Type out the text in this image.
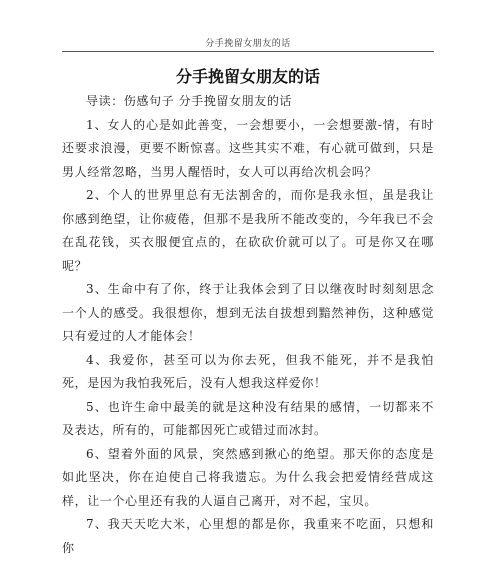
分手挽留女朋友的话
分手挽留女朋友的话

导读：伤感句子 分手挽留女朋友的话

1、女人的心是如此善变，一会想要小，一会想要激-情，有时还要求浪漫，更要不断惊喜。这些其实不难，有心就可做到，只是男人经常忽略，当男人醒悟时，女人可以再给次机会吗？

2、个人的世界里总有无法割舍的，而你是我永恒，虽是我让你感到绝望，让你疲倦，但那不是我所不能改变的，今年我已不会在乱花钱，买衣服便宜点的，在砍砍价就可以了。可是你又在哪呢？

3、生命中有了你，终于让我体会到了日以继夜时时刻刻思念一个人的感受。我很想你，想到无法自拔想到黯然神伤，这种感觉只有爱过的人才能体会！

4、我爱你，甚至可以为你去死，但我不能死，并不是我怕死，是因为我怕我死后，没有人想我这样爱你！

5、也许生命中最美的就是这种没有结果的感情，一切都来不及表达，所有的，可能都因死亡或错过而冰封。

6、望着外面的风景，突然感到揪心的绝望。那天你的态度是如此坚决，你在迫使自己将我遗忘。为什么我会把爱情经营成这样，让一个心里还有我的人逼自己离开，对不起，宝贝。

7、我天天吃大米，心里想的都是你，我重来不吃面，只想和你
